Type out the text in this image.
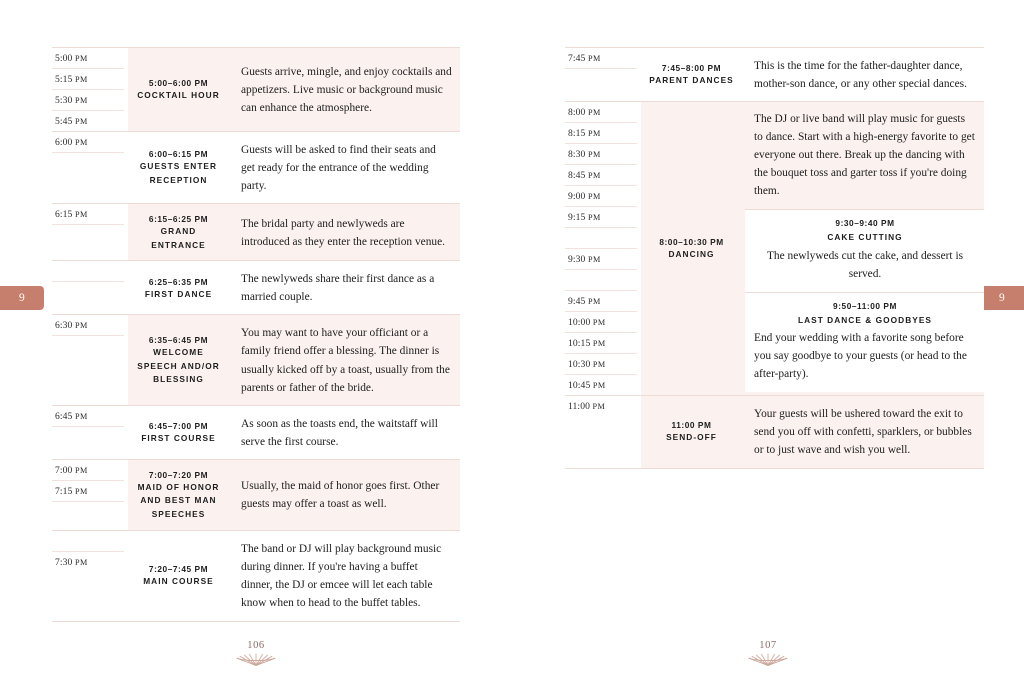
9
5:00 PM
5:15 PM
5:30 PM
5:45 PM
5:00–6:00 PM
COCKTAIL HOUR
Guests arrive, mingle, and enjoy cocktails and appetizers. Live music or background music can enhance the atmosphere.
6:00 PM
6:00–6:15 PM
GUESTS ENTER RECEPTION
Guests will be asked to find their seats and get ready for the entrance of the wedding party.
6:15 PM	6:15–6:25 PM
GRAND ENTRANCE
The bridal party and newlyweds are introduced as they enter the reception venue.
6:25–6:35 PM
FIRST DANCE
The newlyweds share their first dance as a married couple.
6:30 PM
6:35–6:45 PM
WELCOME SPEECH AND/OR BLESSING
You may want to have your officiant or a family friend offer a blessing. The dinner is usually kicked off by a toast, usually from the parents or father of the bride.
6:45 PM
6:45–7:00 PM
FIRST COURSE
As soon as the toasts end, the waitstaff will serve the first course.
7:00 PM
7:15 PM
7:00–7:20 PM
MAID OF HONOR AND BEST MAN SPEECHES
Usually, the maid of honor goes first. Other guests may offer a toast as well.
7:30 PM
7:20–7:45 PM
MAIN COURSE
The band or DJ will play background music during dinner. If you're having a buffet dinner, the DJ or emcee will let each table know when to head to the buffet tables.
106
9
7:45 PM
7:45–8:00 PM
PARENT DANCES
This is the time for the father-daughter dance, mother-son dance, or any other special dances.
8:00 PM
8:15 PM
8:30 PM
8:45 PM
9:00 PM
9:15 PM
9:30 PM
9:45 PM
10:00 PM
10:15 PM
10:30 PM
10:45 PM
8:00–10:30 PM
DANCING
The DJ or live band will play music for guests to dance. Start with a high-energy favorite to get everyone out there. Break up the dancing with the bouquet toss and garter toss if you're doing them.
9:30–9:40 PM
CAKE CUTTING
The newlyweds cut the cake, and dessert is served.
9:50–11:00 PM
LAST DANCE & GOODBYES
End your wedding with a favorite song before you say goodbye to your guests (or head to the after-party).
11:00 PM
11:00 PM
SEND-OFF
Your guests will be ushered toward the exit to send you off with confetti, sparklers, or bubbles or to just wave and wish you well.
107
